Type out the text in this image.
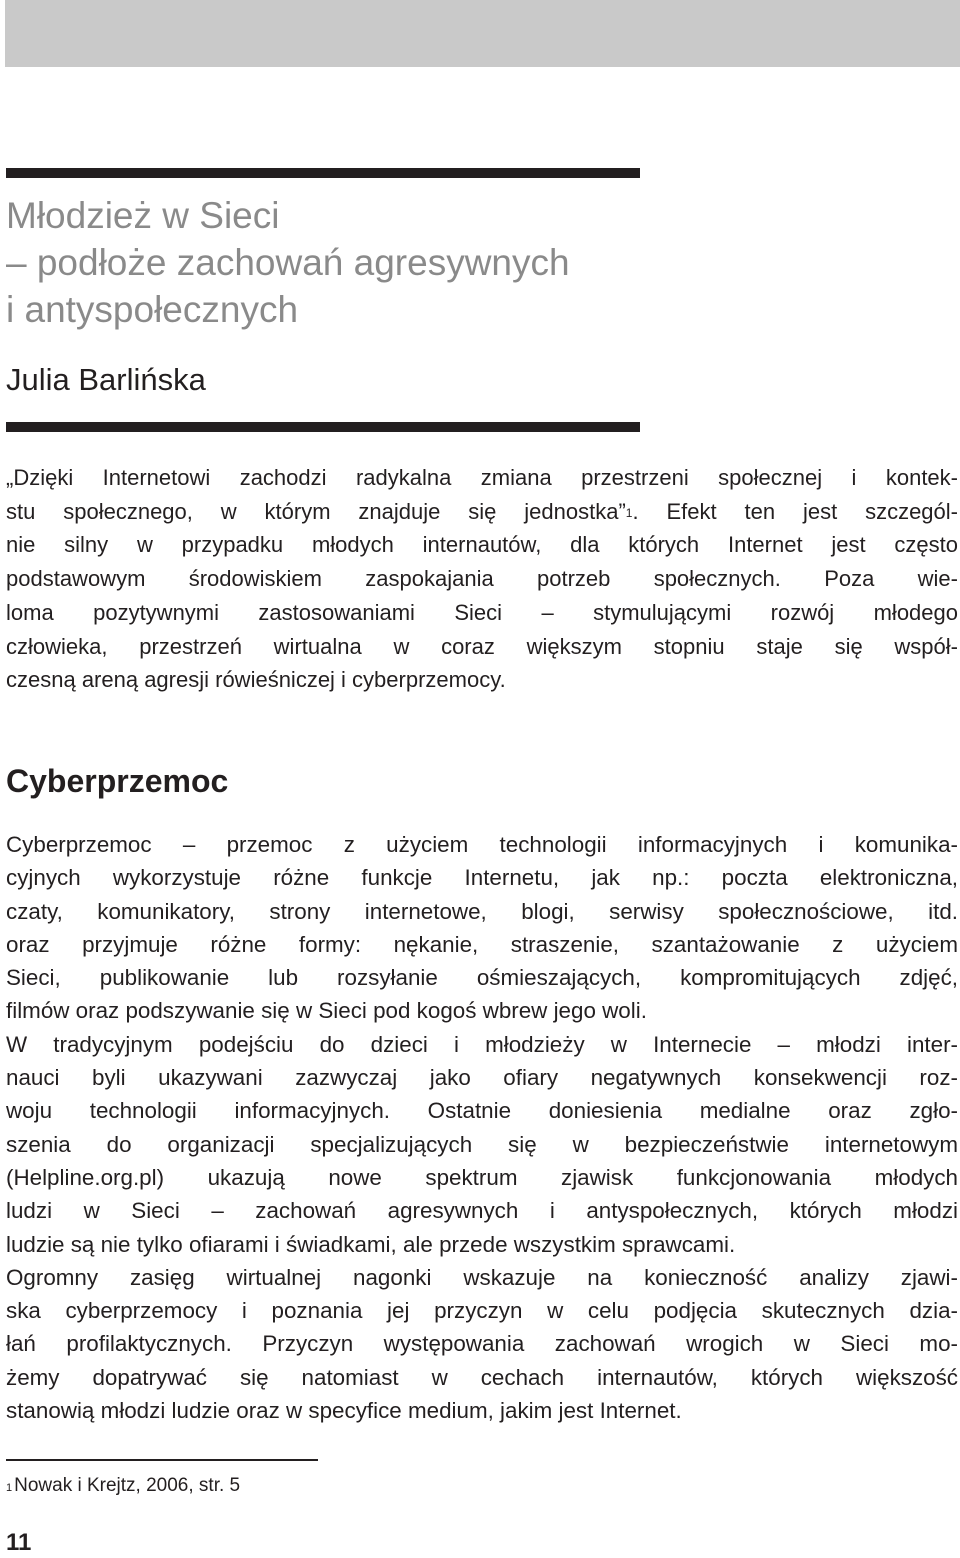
Młodzież w Sieci
– podłoże zachowań agresywnych
i antyspołecznych

Julia Barlińska

„Dzięki Internetowi zachodzi radykalna zmiana przestrzeni społecznej i kontek-
stu społecznego, w którym znajduje się jednostka”$^1$. Efekt ten jest szczegól-
nie silny w przypadku młodych internautów, dla których Internet jest często
podstawowym środowiskiem zaspokajania potrzeb społecznych. Poza wie-
loma pozytywnymi zastosowaniami Sieci – stymulującymi rozwój młodego
człowieka, przestrzeń wirtualna w coraz większym stopniu staje się współ-
czesną areną agresji rówieśniczej i cyberprzemocy.

Cyberprzemoc

Cyberprzemoc – przemoc z użyciem technologii informacyjnych i komunika-
cyjnych wykorzystuje różne funkcje Internetu, jak np.: poczta elektroniczna,
czaty, komunikatory, strony internetowe, blogi, serwisy społecznościowe, itd.
oraz przyjmuje różne formy: nękanie, straszenie, szantażowanie z użyciem
Sieci, publikowanie lub rozsyłanie ośmieszających, kompromitujących zdjęć,
filmów oraz podszywanie się w Sieci pod kogoś wbrew jego woli.
W tradycyjnym podejściu do dzieci i młodzieży w Internecie – młodzi inter-
nauci byli ukazywani zazwyczaj jako ofiary negatywnych konsekwencji roz-
woju technologii informacyjnych. Ostatnie doniesienia medialne oraz zgło-
szenia do organizacji specjalizujących się w bezpieczeństwie internetowym
(Helpline.org.pl) ukazują nowe spektrum zjawisk funkcjonowania młodych
ludzi w Sieci – zachowań agresywnych i antyspołecznych, których młodzi
ludzie są nie tylko ofiarami i świadkami, ale przede wszystkim sprawcami.
Ogromny zasięg wirtualnej nagonki wskazuje na konieczność analizy zjawi-
ska cyberprzemocy i poznania jej przyczyn w celu podjęcia skutecznych dzia-
łań profilaktycznych. Przyczyn występowania zachowań wrogich w Sieci mo-
żemy dopatrywać się natomiast w cechach internautów, których większość
stanowią młodzi ludzie oraz w specyfice medium, jakim jest Internet.

$^1$ Nowak i Krejtz, 2006, str. 5

11
